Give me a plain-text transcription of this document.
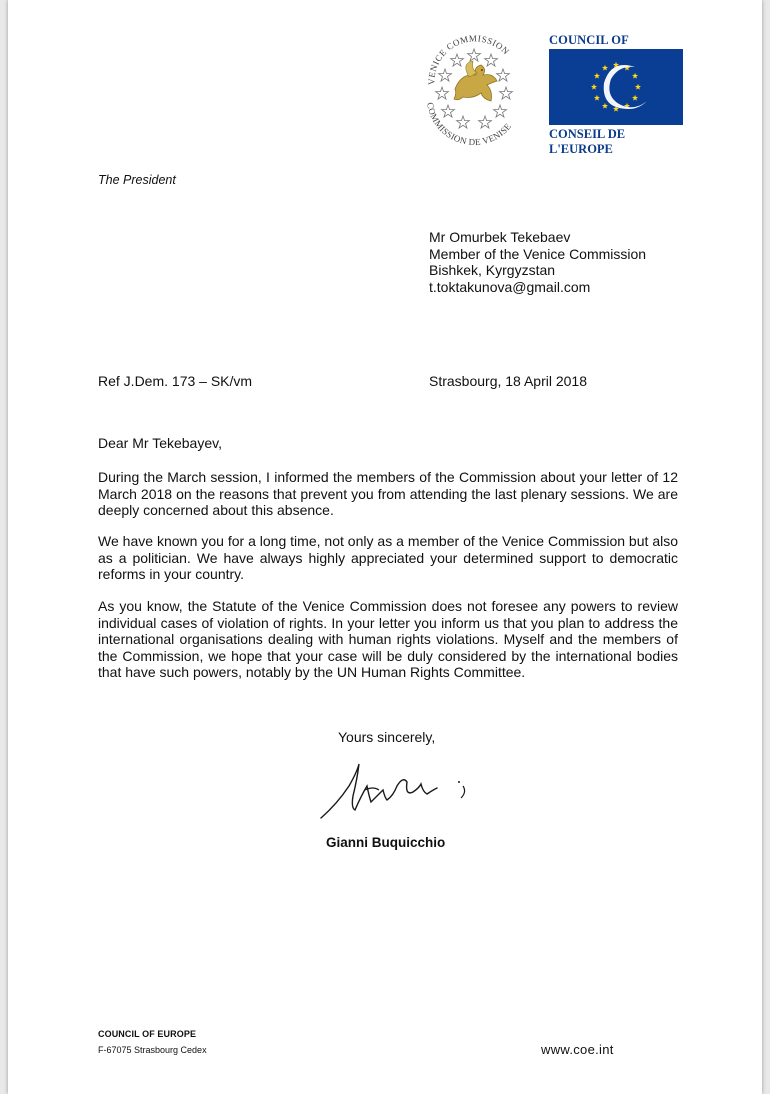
VENICE COMMISSION
COMMISSION DE VENISE
COUNCIL OF
CONSEIL DE L'EUROPE
The President
Mr Omurbek Tekebaev
Member of the Venice Commission
Bishkek, Kyrgyzstan
t.toktakunova@gmail.com
Ref J.Dem. 173 – SK/vm	Strasbourg, 18 April 2018
Dear Mr Tekebayev,
During the March session, I informed the members of the Commission about your letter of 12 March 2018 on the reasons that prevent you from attending the last plenary sessions. We are deeply concerned about this absence.
We have known you for a long time, not only as a member of the Venice Commission but also as a politician. We have always highly appreciated your determined support to democratic reforms in your country.
As you know, the Statute of the Venice Commission does not foresee any powers to review individual cases of violation of rights. In your letter you inform us that you plan to address the international organisations dealing with human rights violations. Myself and the members of the Commission, we hope that your case will be duly considered by the international bodies that have such powers, notably by the UN Human Rights Committee.
Yours sincerely,
Gianni Buquicchio
COUNCIL OF EUROPE
F-67075 Strasbourg Cedex	www.coe.int
